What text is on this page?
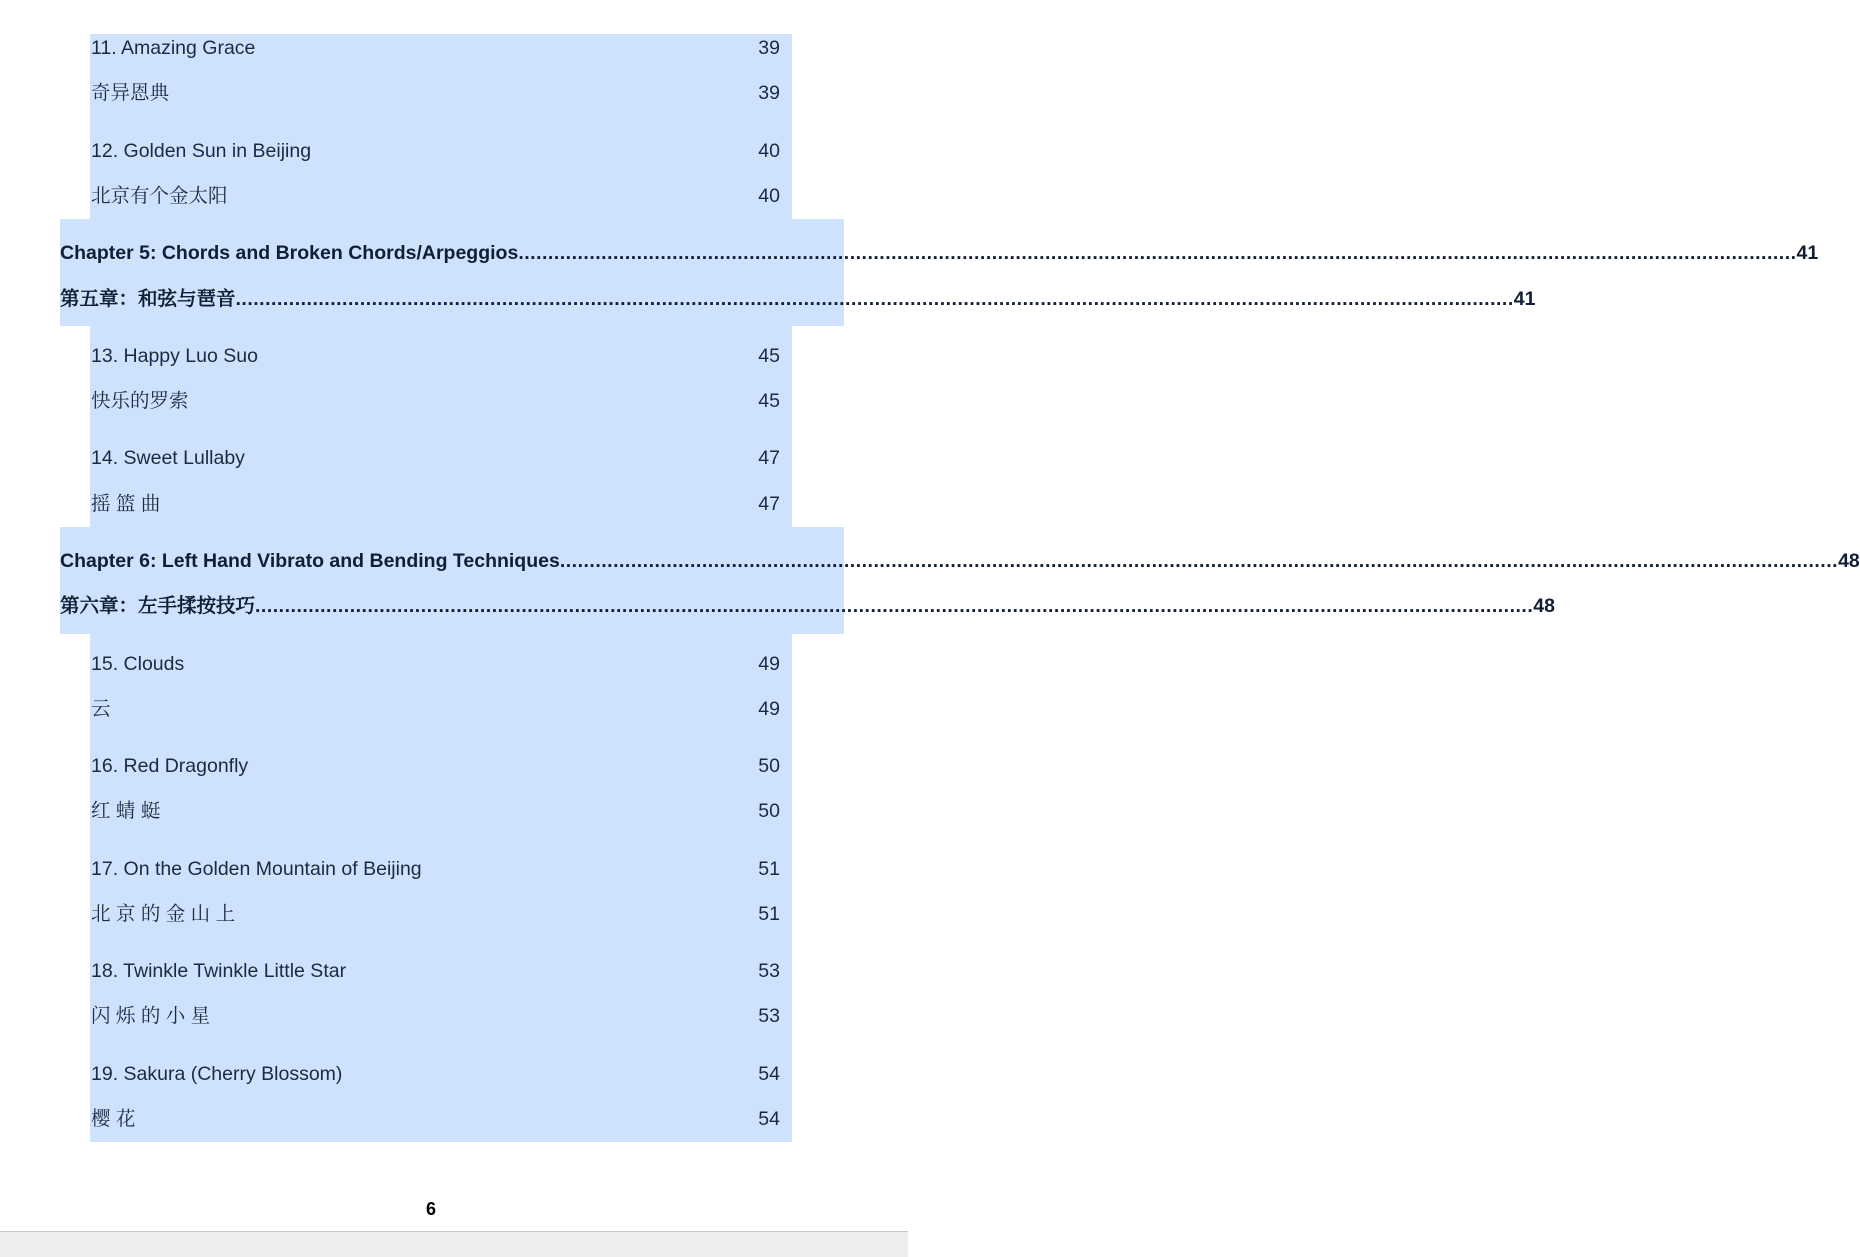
11. Amazing Grace	39
奇异恩典	39
12. Golden Sun in Beijing	40
北京有个金太阳	40
Chapter 5: Chords and Broken Chords/Arpeggios ........................................................................................................................................................................................................................ 41
第五章：和弦与琶音 ........................................................................................................................................................................................................................ 41
13. Happy Luo Suo	45
快乐的罗索	45
14. Sweet Lullaby	47
摇 篮 曲	47
Chapter 6: Left Hand Vibrato and Bending Techniques ........................................................................................................................................................................................................................ 48
第六章：左手揉按技巧 ........................................................................................................................................................................................................................ 48
15. Clouds	49
云	49
16. Red Dragonfly	50
红 蜻 蜓	50
17. On the Golden Mountain of Beijing	51
北 京 的 金 山 上	51
18. Twinkle Twinkle Little Star	53
闪 烁 的 小 星	53
19. Sakura (Cherry Blossom)	54
樱 花	54
6
